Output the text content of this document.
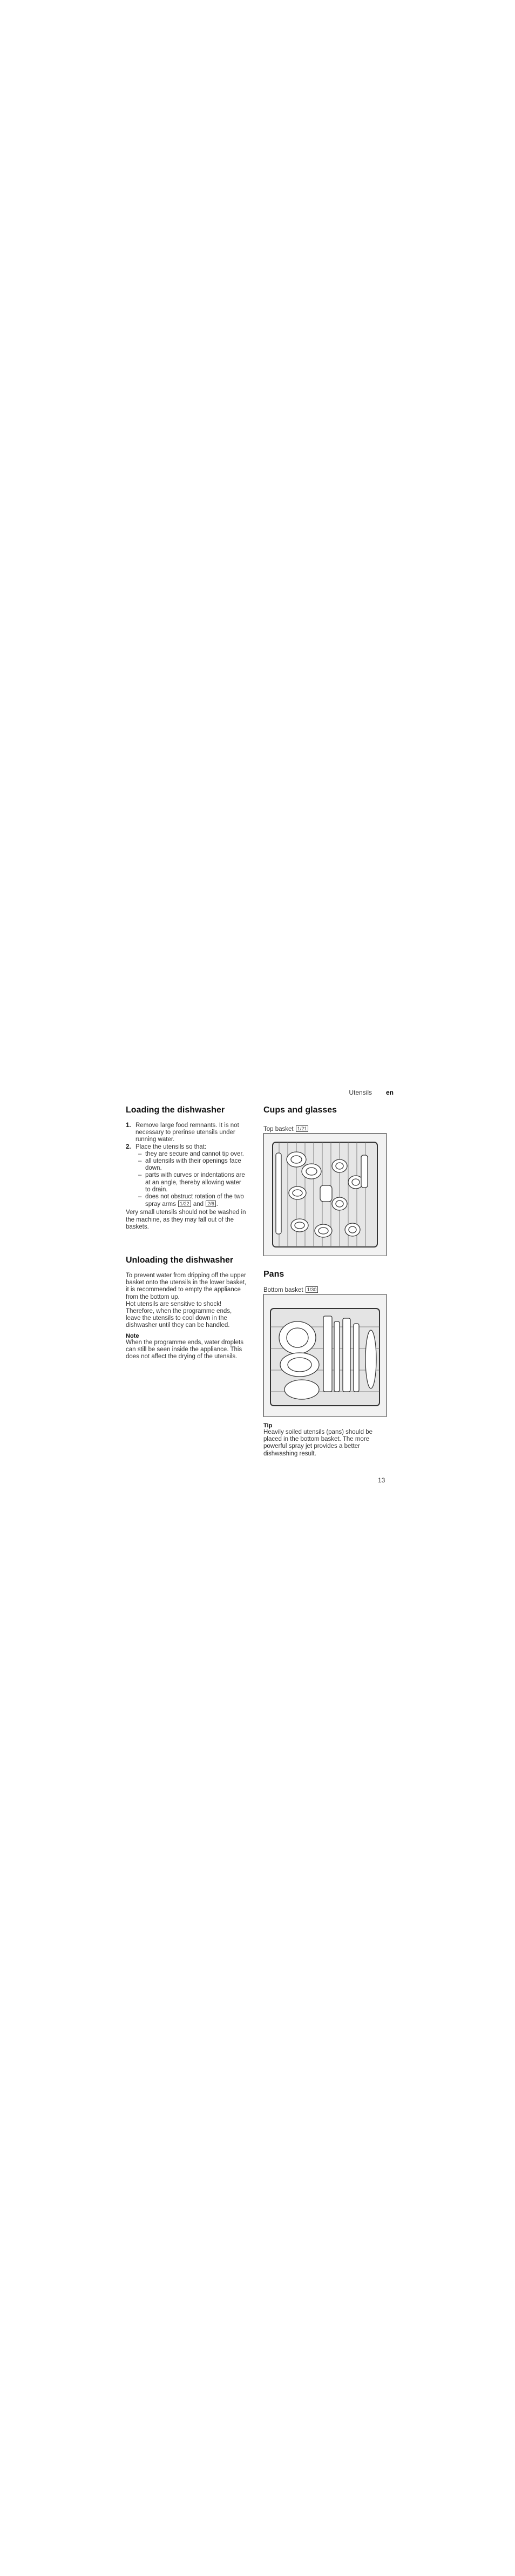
Utensils en
Loading the dishwasher
1. Remove large food remnants. It is not necessary to prerinse utensils under running water.
2. Place the utensils so that:
– they are secure and cannot tip over.
– all utensils with their openings face down.
– parts with curves or indentations are at an angle, thereby allowing water to drain.
– does not obstruct rotation of the two spray arms 1/22 and 2/6 .

Very small utensils should not be washed in the machine, as they may fall out of the baskets.

Unloading the dishwasher

To prevent water from dripping off the upper basket onto the utensils in the lower basket, it is recommended to empty the appliance from the bottom up.

Hot utensils are sensitive to shock! Therefore, when the programme ends, leave the utensils to cool down in the dishwasher until they can be handled.

Note

When the programme ends, water droplets can still be seen inside the appliance. This does not affect the drying of the utensils.

Cups and glasses

Top basket 1/21

Pans

Bottom basket 1/30

Tip

Heavily soiled utensils (pans) should be placed in the bottom basket. The more powerful spray jet provides a better dishwashing result.

13
